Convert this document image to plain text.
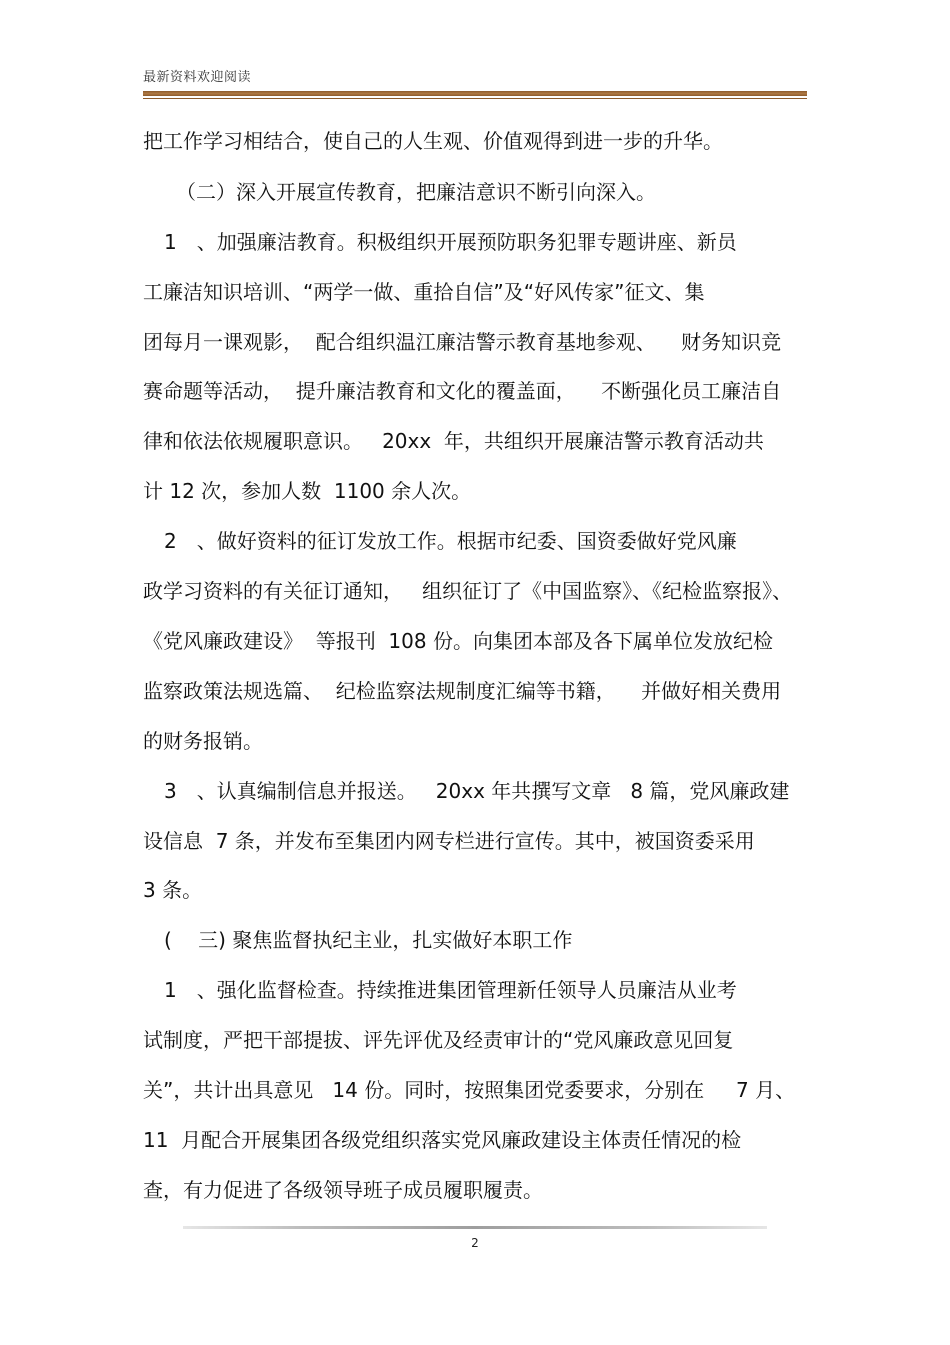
最新资料欢迎阅读
把工作学习相结合，使自己的人生观、价值观得到进一步的升华。
（二）深入开展宣传教育，把廉洁意识不断引向深入。
1　、加强廉洁教育。积极组织开展预防职务犯罪专题讲座、新员
工廉洁知识培训、“两学一做、重拾自信”及“好风传家”征文、集
团每月一课观影，  配合组织温江廉洁警示教育基地参观、    财务知识竞
赛命题等活动，  提升廉洁教育和文化的覆盖面，    不断强化员工廉洁自
律和依法依规履职意识。   20xx  年，共组织开展廉洁警示教育活动共
计 12 次，参加人数  1100 余人次。
2　、做好资料的征订发放工作。根据市纪委、国资委做好党风廉
政学习资料的有关征订通知，   组织征订了《中国监察》、《纪检监察报》、
《党风廉政建设》  等报刊  108 份。向集团本部及各下属单位发放纪检
监察政策法规选篇、  纪检监察法规制度汇编等书籍，    并做好相关费用
的财务报销。
3　、认真编制信息并报送。   20xx 年共撰写文章   8 篇，党风廉政建
设信息  7 条，并发布至集团内网专栏进行宣传。其中，被国资委采用
3 条。
(　 三) 聚焦监督执纪主业，扎实做好本职工作
1　、强化监督检查。持续推进集团管理新任领导人员廉洁从业考
试制度，严把干部提拔、评先评优及经责审计的“党风廉政意见回复
关”，共计出具意见   14 份。同时，按照集团党委要求，分别在     7 月、
11  月配合开展集团各级党组织落实党风廉政建设主体责任情况的检
查，有力促进了各级领导班子成员履职履责。
2
